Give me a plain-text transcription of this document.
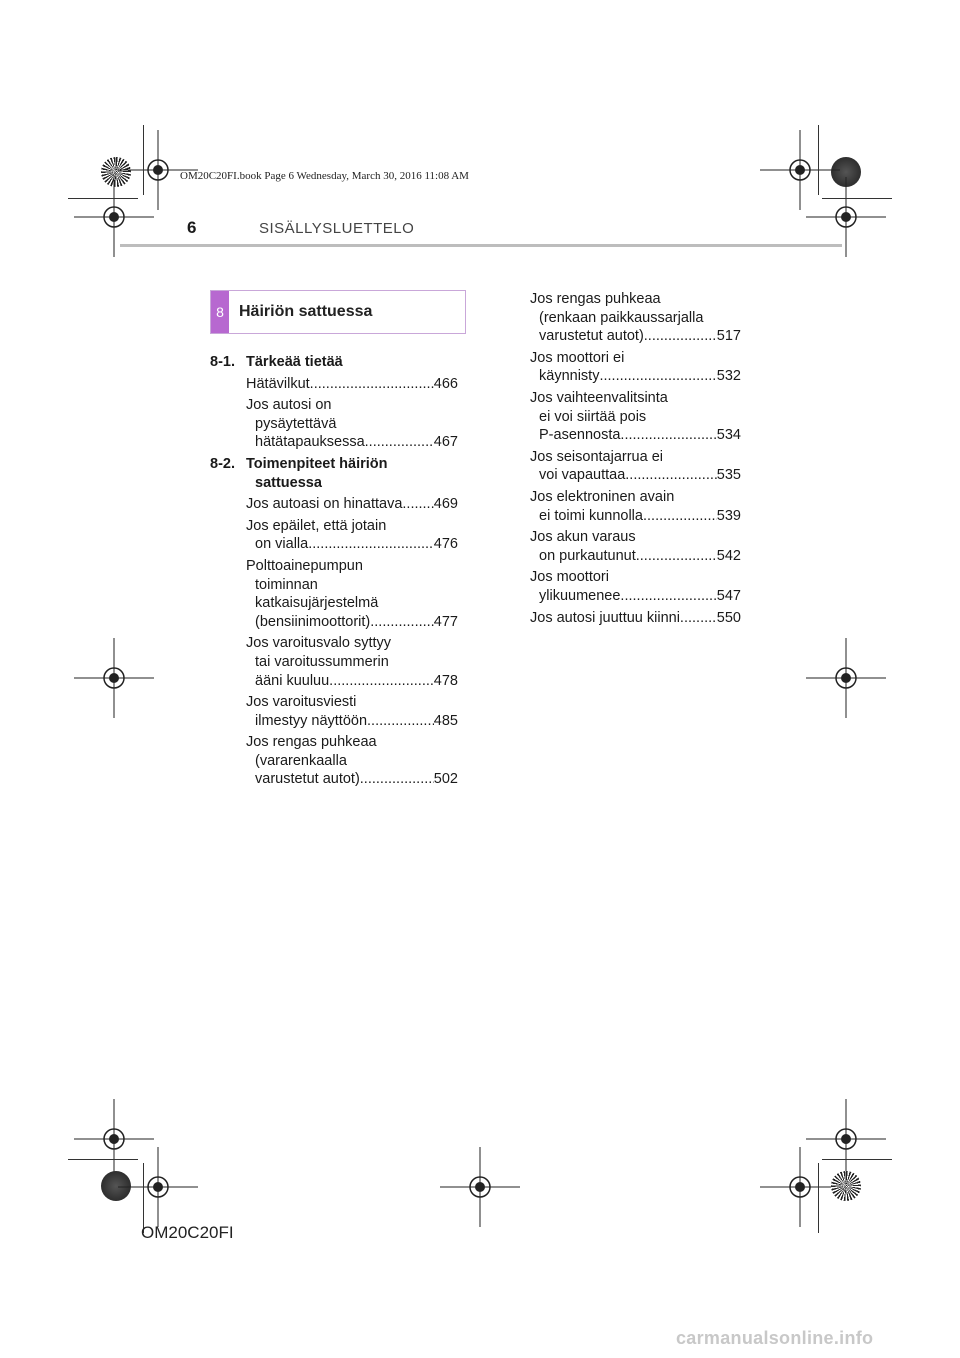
OM20C20FI.book Page 6 Wednesday, March 30, 2016 11:08 AM
6	SISÄLLYSLUETTELO
8 Häiriön sattuessa
8-1. Tärkeää tietää
Hätävilkut .....	466
Jos autosi on
pysäytettävä
hätätapauksessa .....	467
8-2. Toimenpiteet häiriön
sattuessa
Jos autoasi on hinattava ..... 469
Jos epäilet, että jotain
on vialla .....	476
Polttoainepumpun
toiminnan
katkaisujärjestelmä
(bensiinimoottorit) .....	477
Jos varoitusvalo syttyy
tai varoitussummerin
ääni kuuluu .....	478
Jos varoitusviesti
ilmestyy näyttöön .....	485
Jos rengas puhkeaa
(vararenkaalla
varustetut autot) .....	502
Jos rengas puhkeaa
(renkaan paikkaussarjalla
varustetut autot) .....	517
Jos moottori ei
käynnisty .....	532
Jos vaihteenvalitsinta
ei voi siirtää pois
P-asennosta .....	534
Jos seisontajarrua ei
voi vapauttaa .....	535
Jos elektroninen avain
ei toimi kunnolla .....	539
Jos akun varaus
on purkautunut .....	542
Jos moottori
ylikuumenee .....	547
Jos autosi juuttuu kiinni .....	550
OM20C20FI
carmanualsonline.info
